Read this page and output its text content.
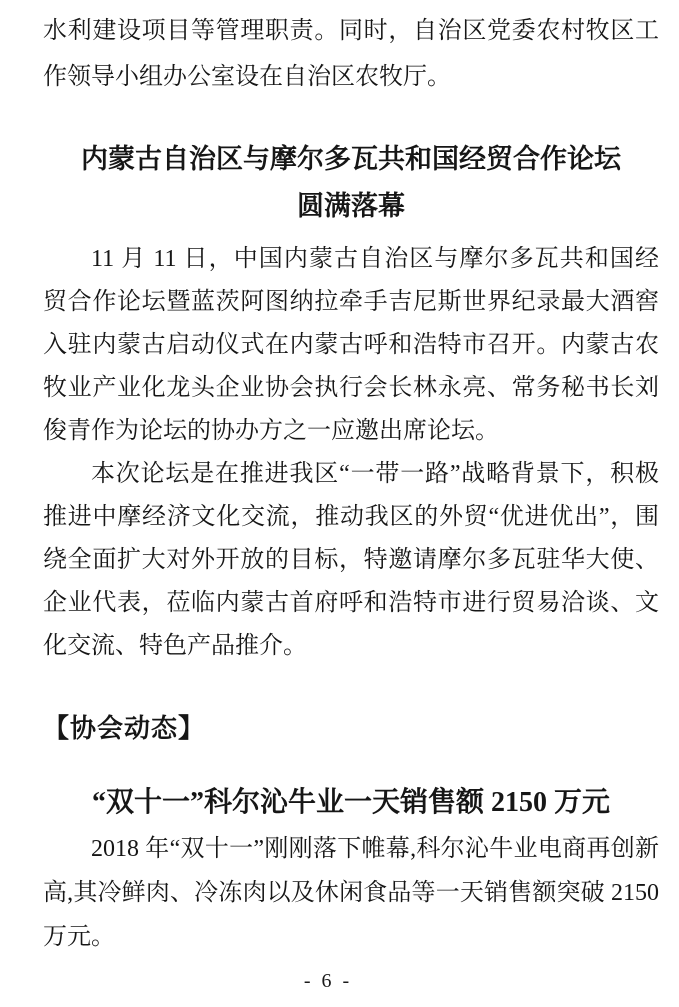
水利建设项目等管理职责。同时，自治区党委农村牧区工作领导小组办公室设在自治区农牧厅。

内蒙古自治区与摩尔多瓦共和国经贸合作论坛
圆满落幕

11 月 11 日，中国内蒙古自治区与摩尔多瓦共和国经贸合作论坛暨蓝茨阿图纳拉牵手吉尼斯世界纪录最大酒窖入驻内蒙古启动仪式在内蒙古呼和浩特市召开。内蒙古农牧业产业化龙头企业协会执行会长林永亮、常务秘书长刘俊青作为论坛的协办方之一应邀出席论坛。

本次论坛是在推进我区“一带一路”战略背景下，积极推进中摩经济文化交流，推动我区的外贸“优进优出”，围绕全面扩大对外开放的目标，特邀请摩尔多瓦驻华大使、企业代表，莅临内蒙古首府呼和浩特市进行贸易洽谈、文化交流、特色产品推介。

【协会动态】
“双十一”科尔沁牛业一天销售额 2150 万元

2018 年“双十一”刚刚落下帷幕,科尔沁牛业电商再创新高,其冷鲜肉、冷冻肉以及休闲食品等一天销售额突破 2150 万元。

- 6 -
